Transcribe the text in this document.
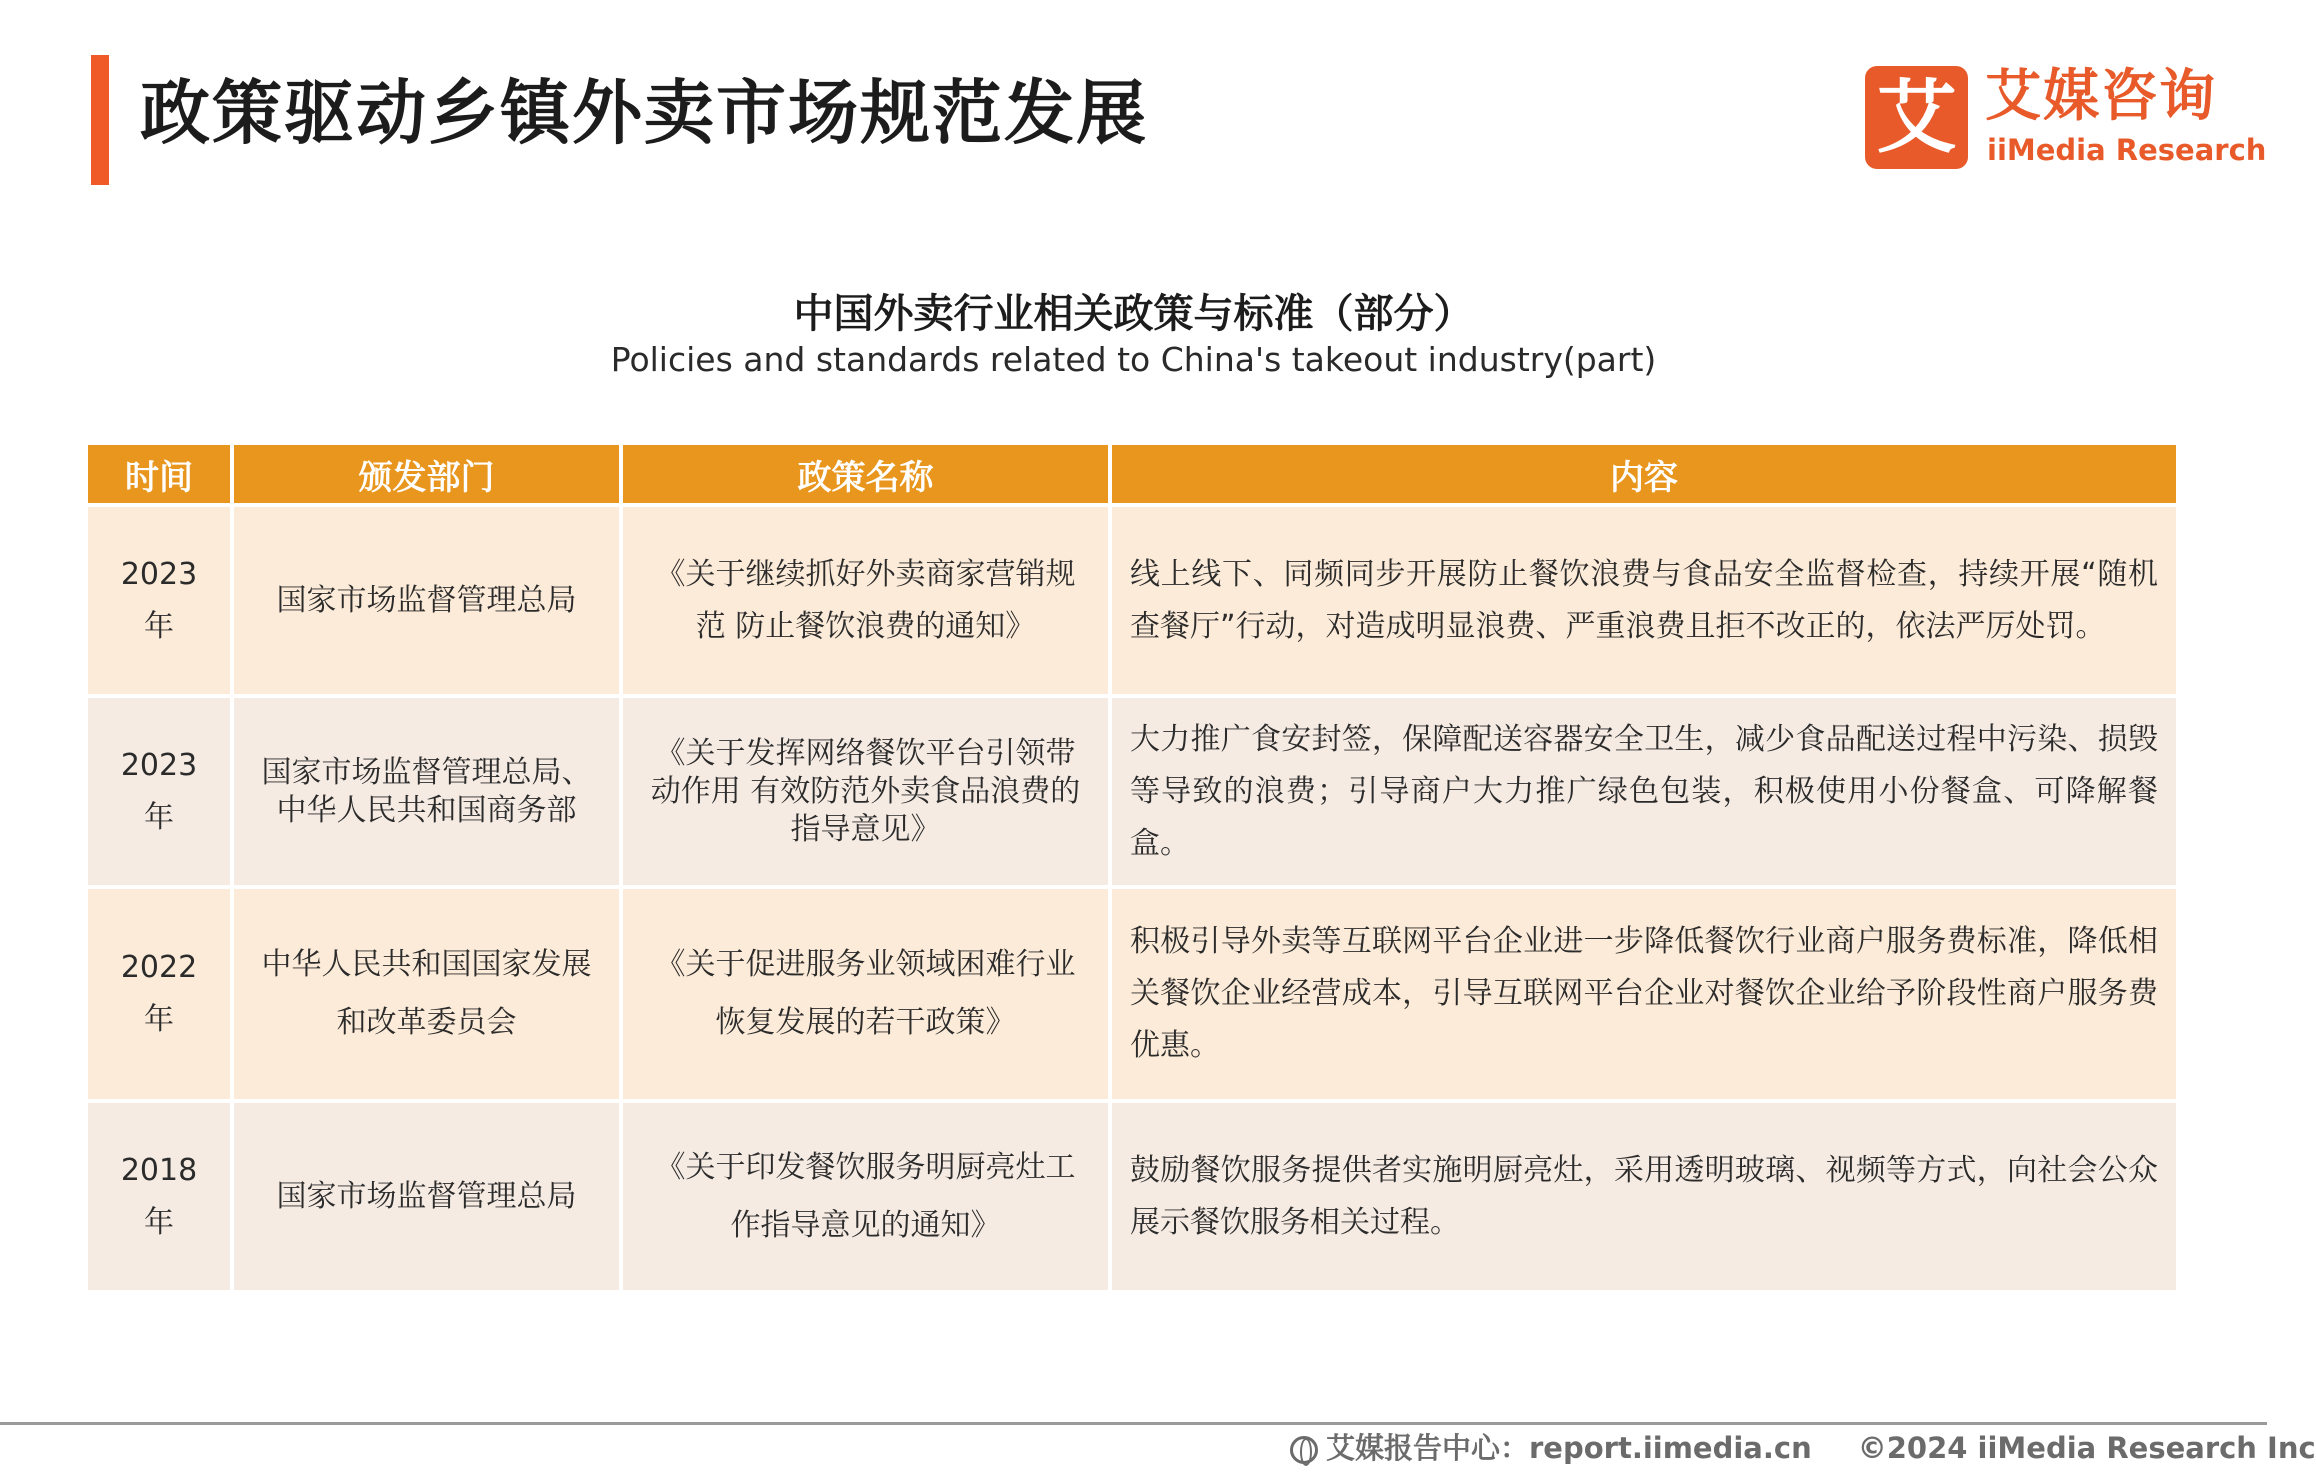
政策驱动乡镇外卖市场规范发展	艾 艾媒咨询
iiMedia Research
中国外卖行业相关政策与标准（部分）
Policies and standards related to China's takeout industry(part)
时间	颁发部门	政策名称	内容
2023年	国家市场监督管理总局	《关于继续抓好外卖商家营销规范 防止餐饮浪费的通知》	线上线下、同频同步开展防止餐饮浪费与食品安全监督检查，持续开展“随机查餐厅”行动，对造成明显浪费、严重浪费且拒不改正的，依法严厉处罚。
2023年	国家市场监督管理总局、中华人民共和国商务部	《关于发挥网络餐饮平台引领带动作用 有效防范外卖食品浪费的指导意见》	大力推广食安封签，保障配送容器安全卫生，减少食品配送过程中污染、损毁等导致的浪费；引导商户大力推广绿色包装，积极使用小份餐盒、可降解餐盒。
2022年	中华人民共和国国家发展和改革委员会	《关于促进服务业领域困难行业恢复发展的若干政策》	积极引导外卖等互联网平台企业进一步降低餐饮行业商户服务费标准，降低相关餐饮企业经营成本，引导互联网平台企业对餐饮企业给予阶段性商户服务费优惠。
2018年	国家市场监督管理总局	《关于印发餐饮服务明厨亮灶工作指导意见的通知》	鼓励餐饮服务提供者实施明厨亮灶，采用透明玻璃、视频等方式，向社会公众展示餐饮服务相关过程。
艾媒报告中心：report.iimedia.cn ©2024 iiMedia Research Inc
